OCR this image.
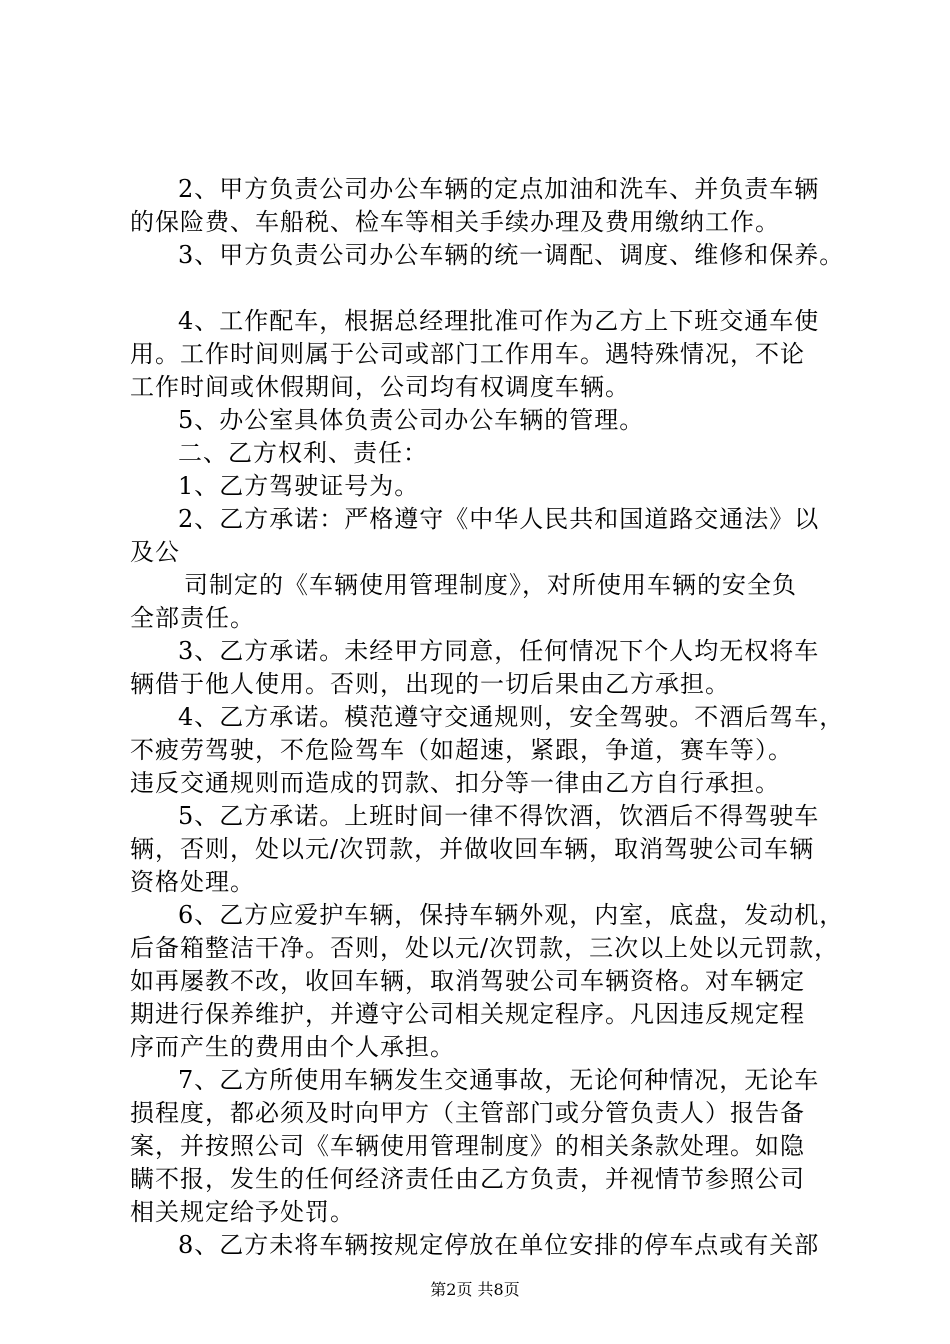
2、甲方负责公司办公车辆的定点加油和洗车、并负责车辆
的保险费、车船税、检车等相关手续办理及费用缴纳工作。

3、甲方负责公司办公车辆的统一调配、调度、维修和保养。

4、工作配车，根据总经理批准可作为乙方上下班交通车使
用。工作时间则属于公司或部门工作用车。遇特殊情况，不论
工作时间或休假期间，公司均有权调度车辆。

5、办公室具体负责公司办公车辆的管理。

二、乙方权利、责任：

1、乙方驾驶证号为。

2、乙方承诺：严格遵守《中华人民共和国道路交通法》以
及公

司制定的《车辆使用管理制度》，对所使用车辆的安全负
全部责任。

3、乙方承诺。未经甲方同意，任何情况下个人均无权将车
辆借于他人使用。否则，出现的一切后果由乙方承担。

4、乙方承诺。模范遵守交通规则，安全驾驶。不酒后驾车，
不疲劳驾驶，不危险驾车（如超速，紧跟，争道，赛车等）。
违反交通规则而造成的罚款、扣分等一律由乙方自行承担。

5、乙方承诺。上班时间一律不得饮酒，饮酒后不得驾驶车
辆，否则，处以元/次罚款，并做收回车辆，取消驾驶公司车辆
资格处理。

6、乙方应爱护车辆，保持车辆外观，内室，底盘，发动机，
后备箱整洁干净。否则，处以元/次罚款，三次以上处以元罚款，
如再屡教不改，收回车辆，取消驾驶公司车辆资格。对车辆定
期进行保养维护，并遵守公司相关规定程序。凡因违反规定程
序而产生的费用由个人承担。

7、乙方所使用车辆发生交通事故，无论何种情况，无论车
损程度，都必须及时向甲方（主管部门或分管负责人）报告备
案，并按照公司《车辆使用管理制度》的相关条款处理。如隐
瞒不报，发生的任何经济责任由乙方负责，并视情节参照公司
相关规定给予处罚。

8、乙方未将车辆按规定停放在单位安排的停车点或有关部

第2页 共8页
